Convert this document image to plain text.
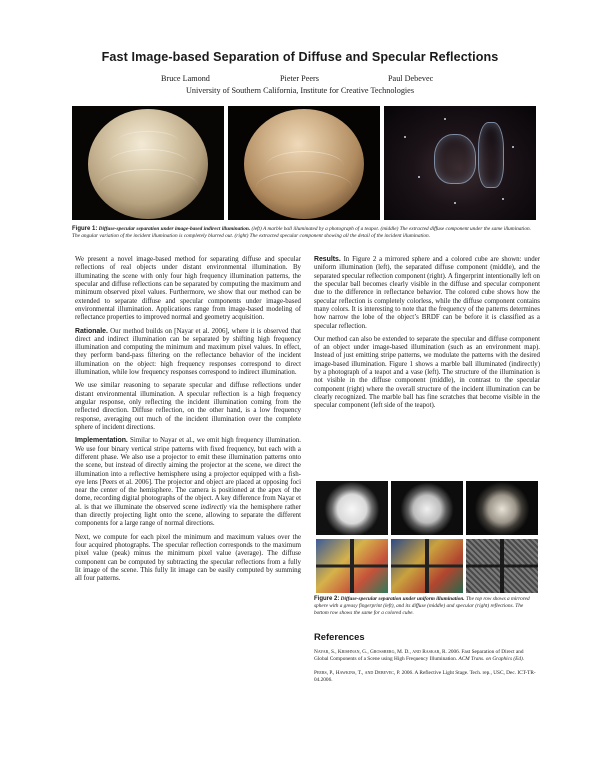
Fast Image-based Separation of Diffuse and Specular Reflections
Bruce Lamond	Pieter Peers	Paul Debevec
University of Southern California, Institute for Creative Technologies
Figure 1: Diffuse-specular separation under image-based indirect illumination. (left) A marble ball illuminated by a photograph of a teapot. (middle) The extracted diffuse component under the same illumination. The angular variation of the incident illumination is completely blurred out. (right) The extracted specular component showing all the detail of the incident illumination.

We present a novel image-based method for separating diffuse and specular reflections of real objects under distant environmental illumination. By illuminating the scene with only four high frequency illumination patterns, the specular and diffuse reflections can be separated by computing the maximum and minimum observed pixel values. Furthermore, we show that our method can be extended to separate diffuse and specular components under image-based environmental illumination. Applications range from image-based modeling of reflectance properties to improved normal and geometry acquisition.

Rationale. Our method builds on [Nayar et al. 2006], where it is observed that direct and indirect illumination can be separated by shifting high frequency illumination and computing the minimum and maximum pixel values. In effect, they perform band-pass filtering on the reflectance behavior of the incident illumination on the object: high frequency responses correspond to direct illumination, while low frequency responses correspond to indirect illumination.

We use similar reasoning to separate specular and diffuse reflections under distant environmental illumination. A specular reflection is a high frequency angular response, only reflecting the incident illumination coming from the reflected direction. Diffuse reflection, on the other hand, is a low frequency response, averaging out much of the incident illumination over the complete sphere of incident directions.

Implementation. Similar to Nayar et al., we emit high frequency illumination. We use four binary vertical stripe patterns with fixed frequency, but each with a different phase. We also use a projector to emit these illumination patterns onto the scene, but instead of directly aiming the projector at the scene, we direct the illumination into a reflective hemisphere using a projector equipped with a fish-eye lens [Peers et al. 2006]. The projector and object are placed at opposing foci near the center of the hemisphere. The camera is positioned at the apex of the dome, recording digital photographs of the object. A key difference from Nayar et al. is that we illuminate the observed scene indirectly via the hemisphere rather than directly projecting light onto the scene, allowing to separate the different components for a large range of normal directions.

Next, we compute for each pixel the minimum and maximum values over the four acquired photographs. The specular reflection corresponds to the maximum pixel value (peak) minus the minimum pixel value (average). The diffuse component can be computed by subtracting the specular reflections from a fully lit image of the scene. This fully lit image can be easily computed by summing all four patterns.

Results. In Figure 2 a mirrored sphere and a colored cube are shown: under uniform illumination (left), the separated diffuse component (middle), and the separated specular reflection component (right). A fingerprint intentionally left on the specular ball becomes clearly visible in the diffuse and specular component due to the difference in reflectance behavior. The colored cube shows how the specular reflection is completely colorless, while the diffuse component contains many colors. It is interesting to note that the frequency of the patterns determines how narrow the lobe of the object’s BRDF can be before it is classified as a specular reflection.

Our method can also be extended to separate the specular and diffuse component of an object under image-based illumination (such as an environment map). Instead of just emitting stripe patterns, we modulate the patterns with the desired image-based illumination. Figure 1 shows a marble ball illuminated (indirectly) by a photograph of a teapot and a vase (left). The structure of the illumination is not visible in the diffuse component (middle), in contrast to the specular component (right) where the overall structure of the incident illumination can be clearly recognized. The marble ball has fine scratches that become visible in the specular component (left side of the teapot).

Figure 2: Diffuse-specular separation under uniform illumination. The top row shows a mirrored sphere with a greasy fingerprint (left), and its diffuse (middle) and specular (right) reflections. The bottom row shows the same for a colored cube.
References

Nayar, S., Krishnan, G., Grossberg, M. D., and Raskar, R. 2006. Fast Separation of Direct and Global Components of a Scene using High Frequency Illumination. ACM Trans. on Graphics (Ed).

Peers, P., Hawkins, T., and Debevec, P. 2006. A Reflective Light Stage. Tech. rep., USC, Dec. ICT-TR-04.2006.
